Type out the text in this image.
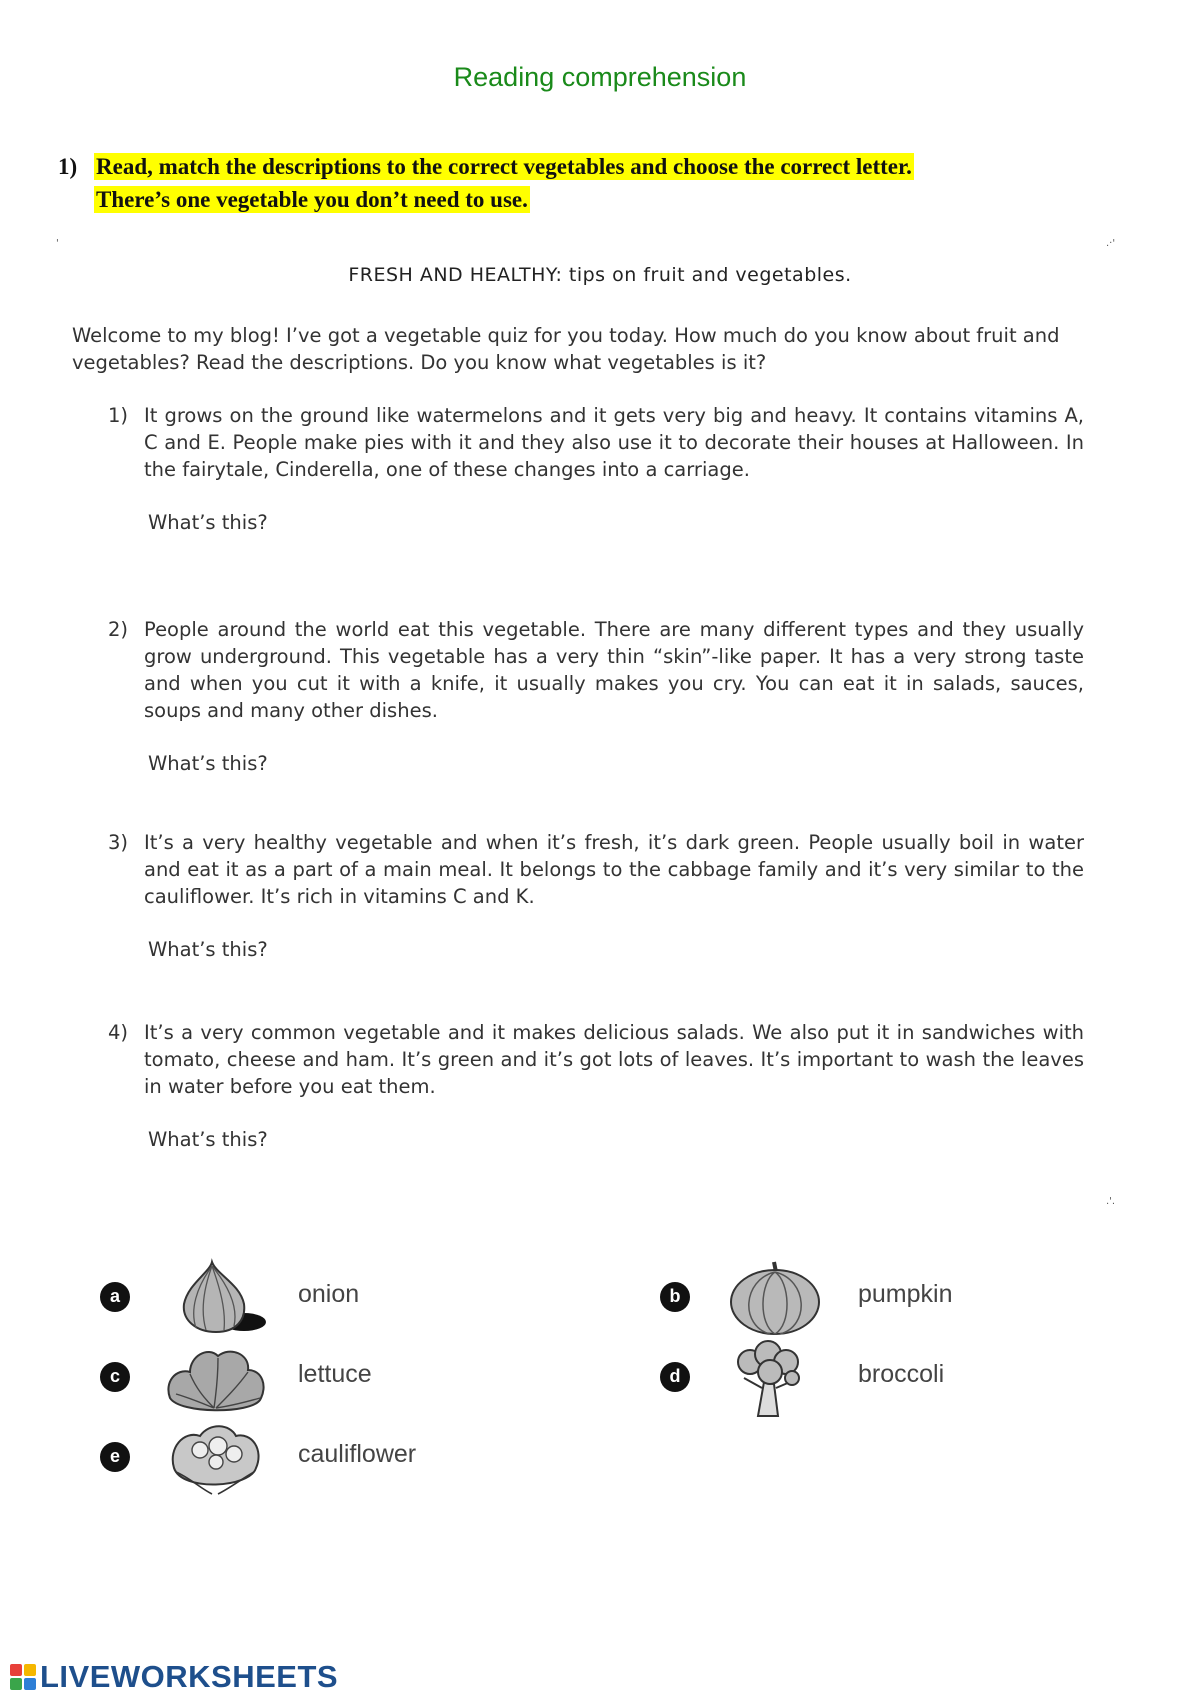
Reading comprehension
1) Read, match the descriptions to the correct vegetables and choose the correct letter.
There’s one vegetable you don’t need to use.
'	.·'
.'.
FRESH AND HEALTHY: tips on fruit and vegetables.
Welcome to my blog! I’ve got a vegetable quiz for you today. How much do you know about fruit and vegetables? Read the descriptions. Do you know what vegetables is it?
1) It grows on the ground like watermelons and it gets very big and heavy. It contains vitamins A, C and E. People make pies with it and they also use it to decorate their houses at Halloween. In the fairytale, Cinderella, one of these changes into a carriage.
What’s this?
2) People around the world eat this vegetable. There are many different types and they usually grow underground. This vegetable has a very thin “skin”-like paper. It has a very strong taste and when you cut it with a knife, it usually makes you cry. You can eat it in salads, sauces, soups and many other dishes.
What’s this?
3) It’s a very healthy vegetable and when it’s fresh, it’s dark green. People usually boil in water and eat it as a part of a main meal. It belongs to the cabbage family and it’s very similar to the cauliflower. It’s rich in vitamins C and K.
What’s this?
4) It’s a very common vegetable and it makes delicious salads. We also put it in sandwiches with tomato, cheese and ham. It’s green and it’s got lots of leaves. It’s important to wash the leaves in water before you eat them.
What’s this?
a	onion	b	pumpkin
c	lettuce	d	broccoli
e	cauliflower
LIVEWORKSHEETS
